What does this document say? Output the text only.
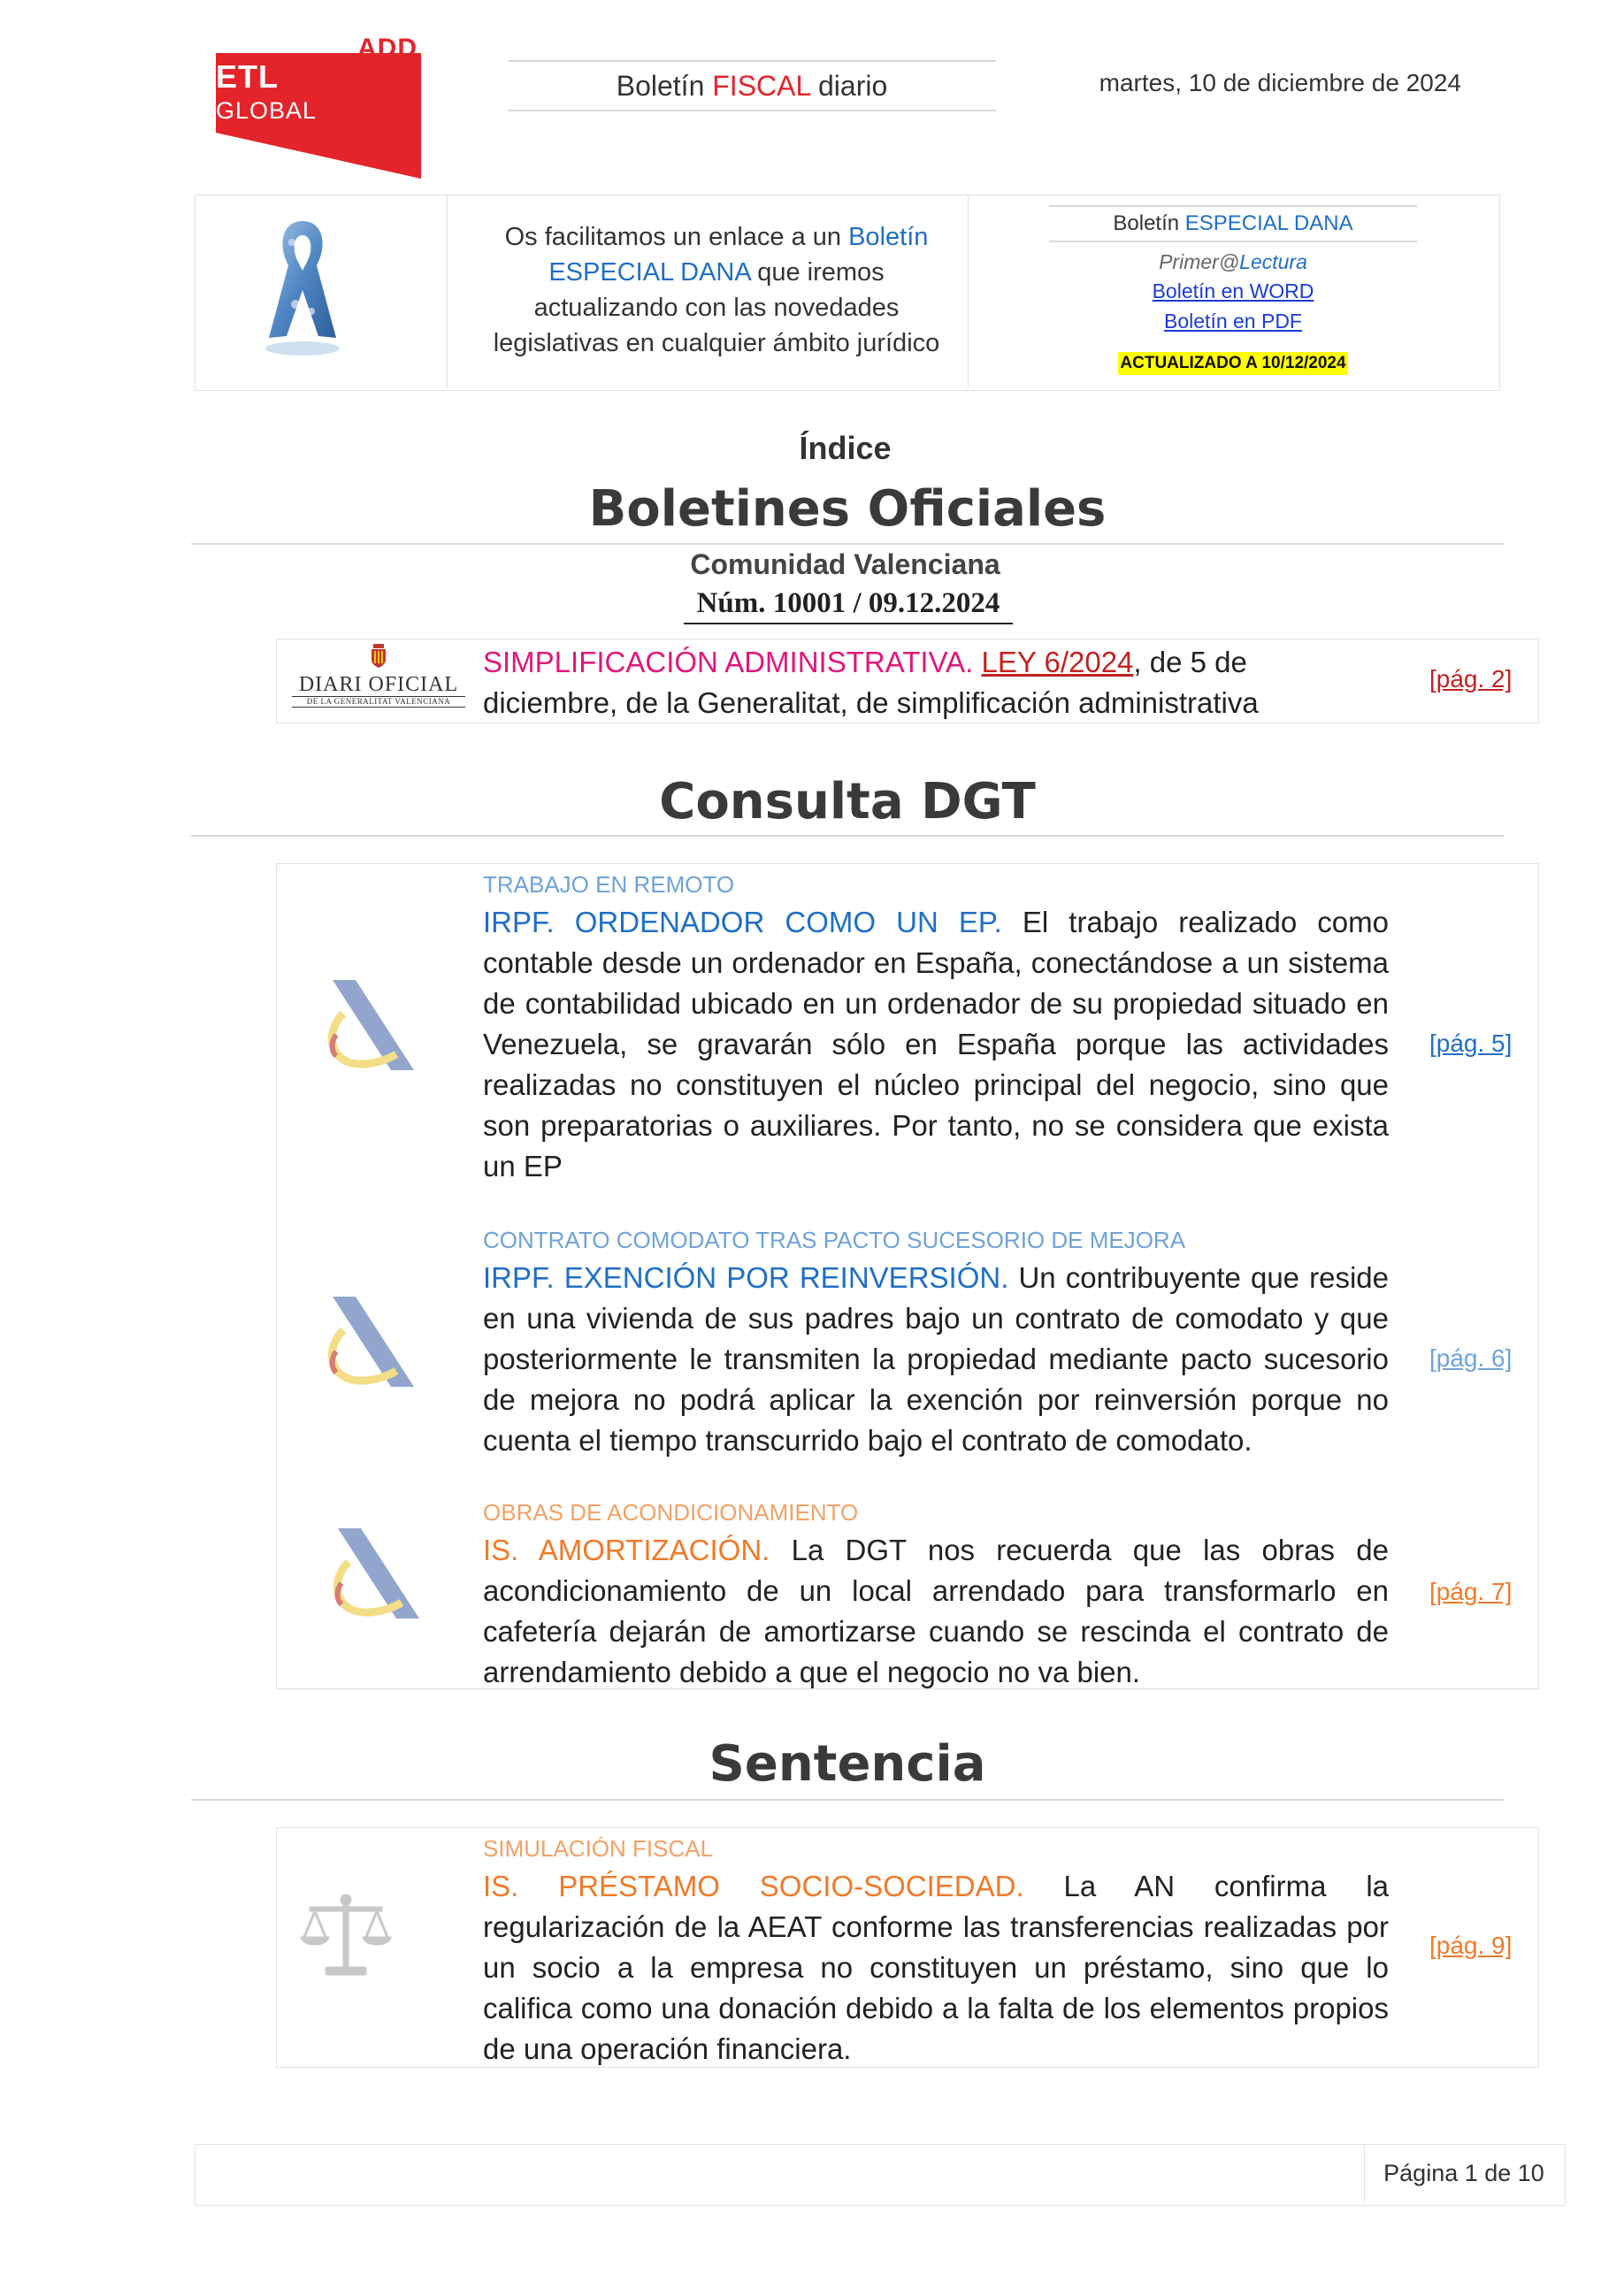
ADD
ETL
GLOBAL
Boletín FISCAL diario	martes, 10 de diciembre de 2024
Os facilitamos un enlace a un Boletín ESPECIAL DANA que iremos actualizando con las novedades legislativas en cualquier ámbito jurídico
Boletín ESPECIAL DANA
Primer@Lectura
Boletín en WORD
Boletín en PDF
ACTUALIZADO A 10/12/2024
Índice
Boletines Oficiales
Comunidad Valenciana
Núm. 10001 / 09.12.2024
DIARI OFICIAL
DE LA GENERALITAT VALENCIANA
SIMPLIFICACIÓN ADMINISTRATIVA. LEY 6/2024, de 5 de diciembre, de la Generalitat, de simplificación administrativa
[pág. 2]
Consulta DGT
TRABAJO EN REMOTO
IRPF. ORDENADOR COMO UN EP. El trabajo realizado como contable desde un ordenador en España, conectándose a un sistema de contabilidad ubicado en un ordenador de su propiedad situado en Venezuela, se gravarán sólo en España porque las actividades realizadas no constituyen el núcleo principal del negocio, sino que son preparatorias o auxiliares. Por tanto, no se considera que exista un EP
[pág. 5]
CONTRATO COMODATO TRAS PACTO SUCESORIO DE MEJORA
IRPF. EXENCIÓN POR REINVERSIÓN. Un contribuyente que reside en una vivienda de sus padres bajo un contrato de comodato y que posteriormente le transmiten la propiedad mediante pacto sucesorio de mejora no podrá aplicar la exención por reinversión porque no cuenta el tiempo transcurrido bajo el contrato de comodato.
[pág. 6]
OBRAS DE ACONDICIONAMIENTO
IS. AMORTIZACIÓN. La DGT nos recuerda que las obras de acondicionamiento de un local arrendado para transformarlo en cafetería dejarán de amortizarse cuando se rescinda el contrato de arrendamiento debido a que el negocio no va bien.
[pág. 7]
Sentencia
SIMULACIÓN FISCAL
IS. PRÉSTAMO SOCIO-SOCIEDAD. La AN confirma la regularización de la AEAT conforme las transferencias realizadas por un socio a la empresa no constituyen un préstamo, sino que lo califica como una donación debido a la falta de los elementos propios de una operación financiera.
[pág. 9]
Página 1 de 10
